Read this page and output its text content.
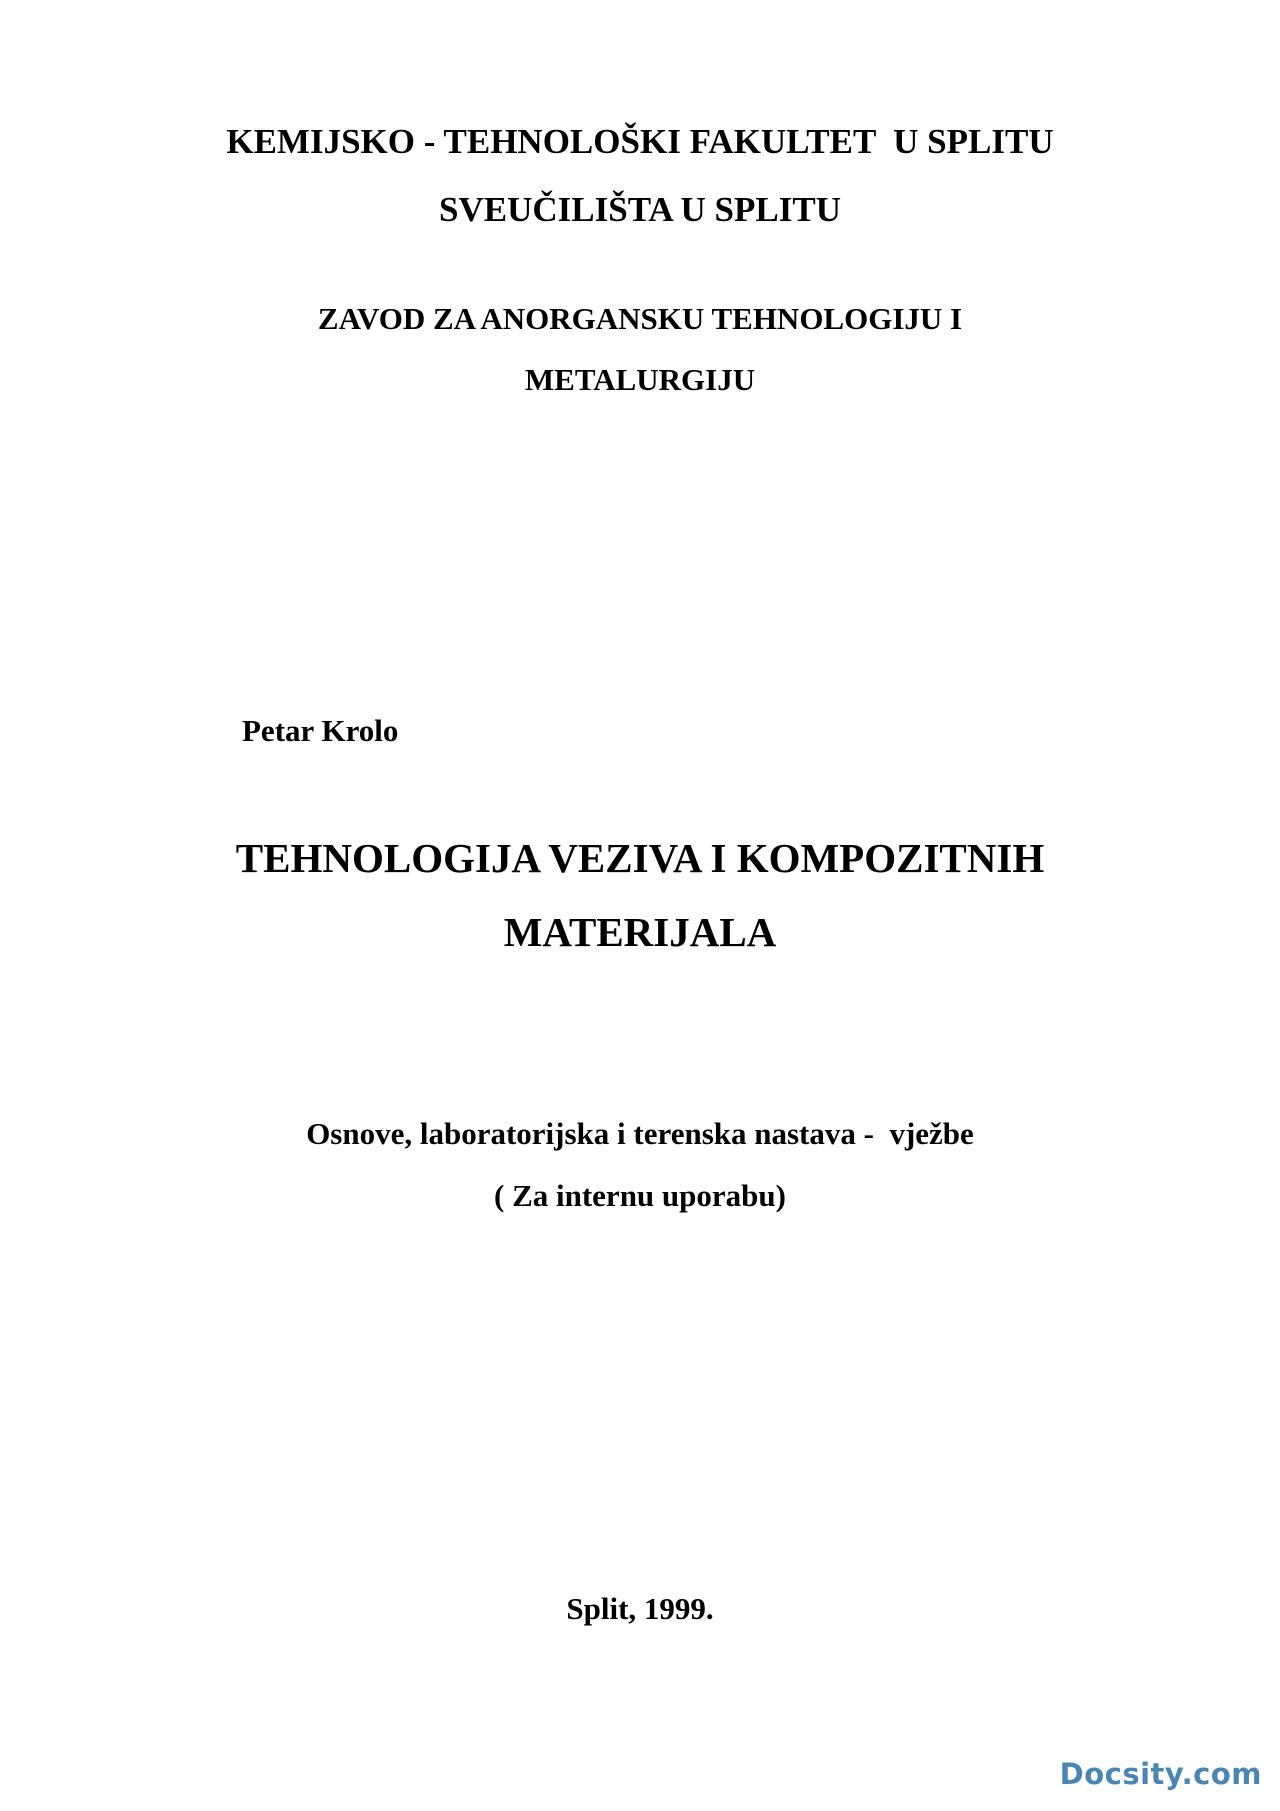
KEMIJSKO - TEHNOLOŠKI FAKULTET  U SPLITU
SVEUČILIŠTA U SPLITU
ZAVOD ZA ANORGANSKU TEHNOLOGIJU I
METALURGIJU
Petar Krolo
TEHNOLOGIJA VEZIVA I KOMPOZITNIH
MATERIJALA
Osnove, laboratorijska i terenska nastava -  vježbe
( Za internu uporabu)
Split, 1999.
Docsity.com
